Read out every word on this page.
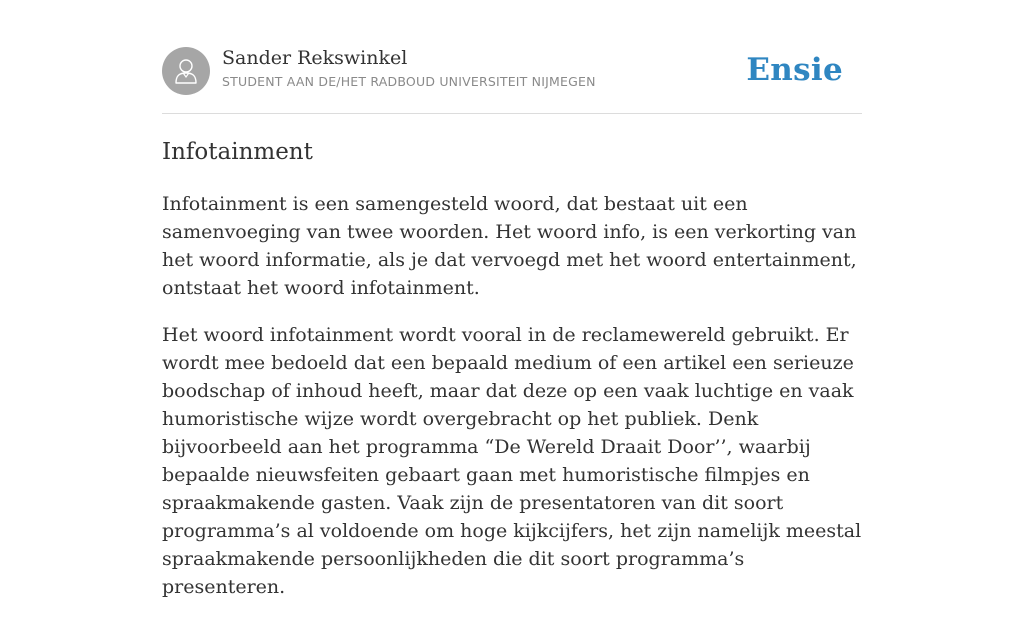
Sander Rekswinkel
STUDENT AAN DE/HET RADBOUD UNIVERSITEIT NIJMEGEN	Ensie
Infotainment

Infotainment is een samengesteld woord, dat bestaat uit een samenvoeging van twee woorden. Het woord info, is een verkorting van het woord informatie, als je dat vervoegd met het woord entertainment, ontstaat het woord infotainment.

Het woord infotainment wordt vooral in de reclamewereld gebruikt. Er wordt mee bedoeld dat een bepaald medium of een artikel een serieuze boodschap of inhoud heeft, maar dat deze op een vaak luchtige en vaak humoristische wijze wordt overgebracht op het publiek. Denk bijvoorbeeld aan het programma “De Wereld Draait Door’’, waarbij bepaalde nieuwsfeiten gebaart gaan met humoristische filmpjes en spraakmakende gasten. Vaak zijn de presentatoren van dit soort programma’s al voldoende om hoge kijkcijfers, het zijn namelijk meestal spraakmakende persoonlijkheden die dit soort programma’s presenteren.
